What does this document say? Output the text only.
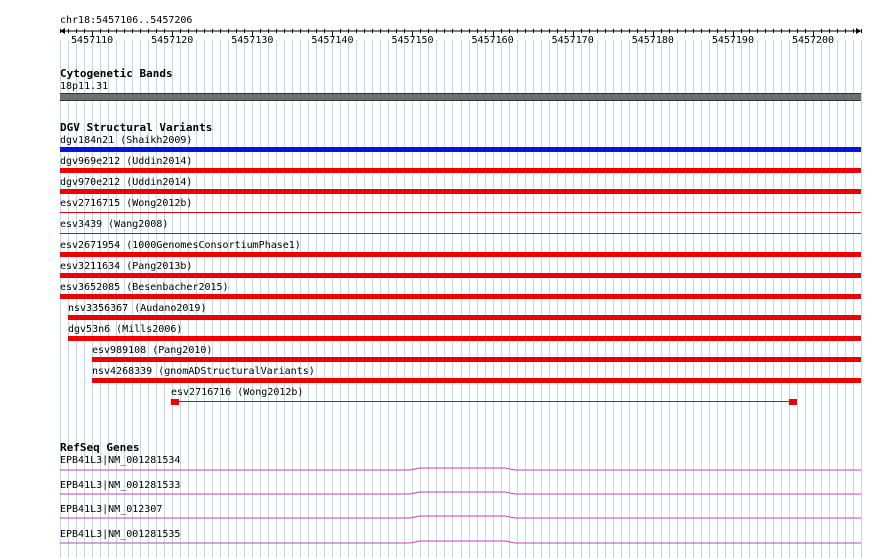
chr18:5457106..5457206
5457110	5457120	5457130	5457140	5457150	5457160	5457170	5457180	5457190	5457200
Cytogenetic Bands
18p11.31
DGV Structural Variants
dgv184n21 (Shaikh2009)
dgv969e212 (Uddin2014)
dgv970e212 (Uddin2014)
esv2716715 (Wong2012b)
esv3439 (Wang2008)
esv2671954 (1000GenomesConsortiumPhase1)
esv3211634 (Pang2013b)
esv3652085 (Besenbacher2015)
nsv3356367 (Audano2019)
dgv53n6 (Mills2006)
esv989108 (Pang2010)
nsv4268339 (gnomADStructuralVariants)
esv2716716 (Wong2012b)
RefSeq Genes
EPB41L3|NM_001281534
EPB41L3|NM_001281533
EPB41L3|NM_012307
EPB41L3|NM_001281535
